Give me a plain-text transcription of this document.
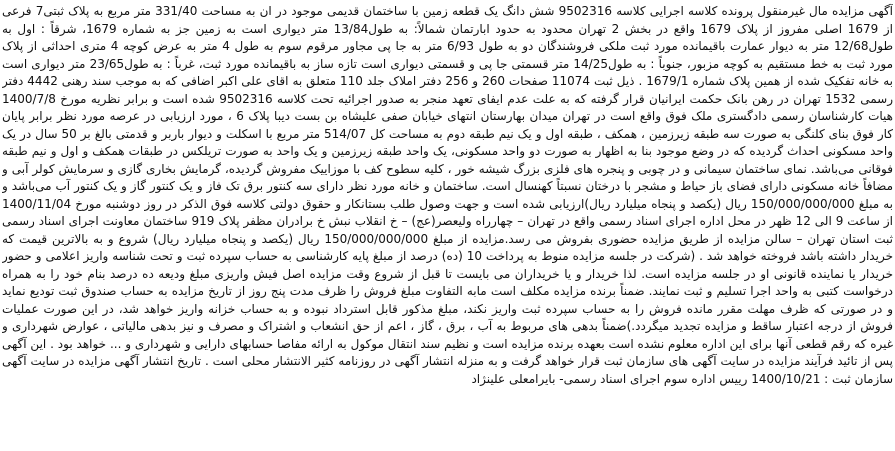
آگهی مزایده مال غیرمنقول پرونده کلاسه اجرایی کلاسه 9502316 شش دانگ یک قطعه زمین با ساختمان قدیمی موجود در ان به مساحت 331/40 متر مربع به پلاک ثبتی7 فرعی از 1679 اصلی مفروز از پلاک 1679 واقع در بخش 2 تهران محدود به حدود ابارتمان شمالاً: به طول13/84 متر دیواری است به زمین جز به شماره 1679، شرقاً : اول به طول12/68 متر به دیوار عمارت باقیمانده مورد ثبت ملکی فروشندگان دو به طول 6/93 متر به جا پی مجاور مرقوم سوم به طول 4 متر به عرض کوچه 4 متری احداثی از پلاک مورد ثبت به خط مستقیم به کوچه مزبور، جنوباً : به طول14/25 متر قسمتی جا پی و قسمتی دیواری است تازه ساز به باقیمانده مورد ثبت، غرباً : به طول23/65 متر دیواری است به خانه تفکیک شده از همین پلاک شماره 1679/1 . ذیل ثبت 11074 صفحات 260 و 256 دفتر املاک جلد 110 متعلق به اقای علی اکبر اضافی که به موجب سند رهنی 4442 دفتر رسمی 1532 تهران در رهن بانک حکمت ایرانیان قرار گرفته که به علت عدم ایفای تعهد منجر به صدور اجرائیه تحت کلاسه 9502316 شده است و برابر نظریه مورخ 1400/7/8 هیات کارشناسان رسمی دادگستری ملک فوق واقع است در تهران میدان بهارستان انتهای خیابان صفی علیشاه بن بست دیبا پلاک 6 ، مورد ارزیابی در عرصه مورد نظر برابر پایان کار فوق بنای کلنگی به صورت سه طبقه زیرزمین ، همکف ، طبقه اول و یک نیم طبقه دوم به مساحت کل 514/07 متر مربع با اسکلت و دیوار باربر و قدمتی بالغ بر 50 سال در یک واحد مسکونی احداث گردیده که در وضع موجود بنا به اظهار به صورت دو واحد مسکونی، یک واحد طبقه زیرزمین و یک واحد به صورت تریلکس در طبقات همکف و اول و نیم طبقه فوقانی می‌باشد. نمای ساختمان سیمانی و در چوبی و پنجره های فلزی بزرگ شیشه خور ، کلیه سطوح کف با موزاییک مفروش گردیده، گرمایش بخاری گازی و سرمایش کولر آبی و مضافاً خانه مسکونی دارای فضای باز حیاط و مشجر با درختان نسبتاً کهنسال است. ساختمان و خانه مورد نظر دارای سه کنتور برق تک فاز و یک کنتور گاز و یک کنتور آب می‌باشد و به مبلغ 150/000/000/000 ریال (یکصد و پنجاه میلیارد ریال)ارزیابی شده است و جهت وصول طلب بستانکار و حقوق دولتی کلاسه فوق الذکر در روز دوشنبه مورخ 1400/11/04 از ساعت 9 الی 12 ظهر در محل اداره اجرای اسناد رسمی واقع در تهران – چهارراه ولیعصر(عج) – خ انقلاب نبش خ برادران مظفر پلاک 919 ساختمان معاونت اجرای اسناد رسمی ثبت استان تهران – سالن مزایده از طریق مزایده حضوری بفروش می رسد.مزایده از مبلغ 150/000/000/000 ریال (یکصد و پنجاه میلیارد ریال) شروع و به بالاترین قیمت که خریدار داشته باشد فروخته خواهد شد . (شرکت در جلسه مزایده منوط به پرداخت 10 (ده) درصد از مبلغ پایه کارشناسی به حساب سپرده ثبت و تحت شناسه واریز اعلامی و حضور خریدار یا نماینده قانونی او در جلسه مزایده است. لذا خریدار و یا خریداران می بایست تا قبل از شروع وقت مزایده اصل فیش واریزی مبلغ ودیعه ده درصد بنام خود را به همراه درخواست کتبی به واحد اجرا تسلیم و ثبت نمایند. ضمناً برنده مزایده مکلف است مابه التفاوت مبلغ فروش را ظرف مدت پنج روز از تاریخ مزایده به حساب صندوق ثبت تودیع نماید و در صورتی که ظرف مهلت مقرر مانده فروش را به حساب سپرده ثبت واریز نکند، مبلغ مذکور قابل استرداد نبوده و به حساب خزانه واریز خواهد شد، در این صورت عملیات فروش از درجه اعتبار ساقط و مزایده تجدید میگردد.)ضمناً بدهی های مربوط به آب ، برق ، گاز ، اعم از حق انشعاب و اشتراک و مصرف و نیز بدهی مالیاتی ، عوارض شهرداری و غیره که رقم قطعی آنها برای این اداره معلوم نشده است بعهده برنده مزایده است و نظیم سند انتقال موکول به ارائه مفاصا حسابهای دارایی و شهرداری و ... خواهد بود . این آگهی پس از تائید فرآیند مزایده در سایت آگهی های سازمان ثبت قرار خواهد گرفت و به منزله انتشار آگهی در روزنامه کثیر الانتشار محلی است . تاریخ انتشار آگهی مزایده در سایت آگهی سازمان ثبت : 1400/10/21 رییس اداره سوم اجرای اسناد رسمی- بایرامعلی علینژاد
